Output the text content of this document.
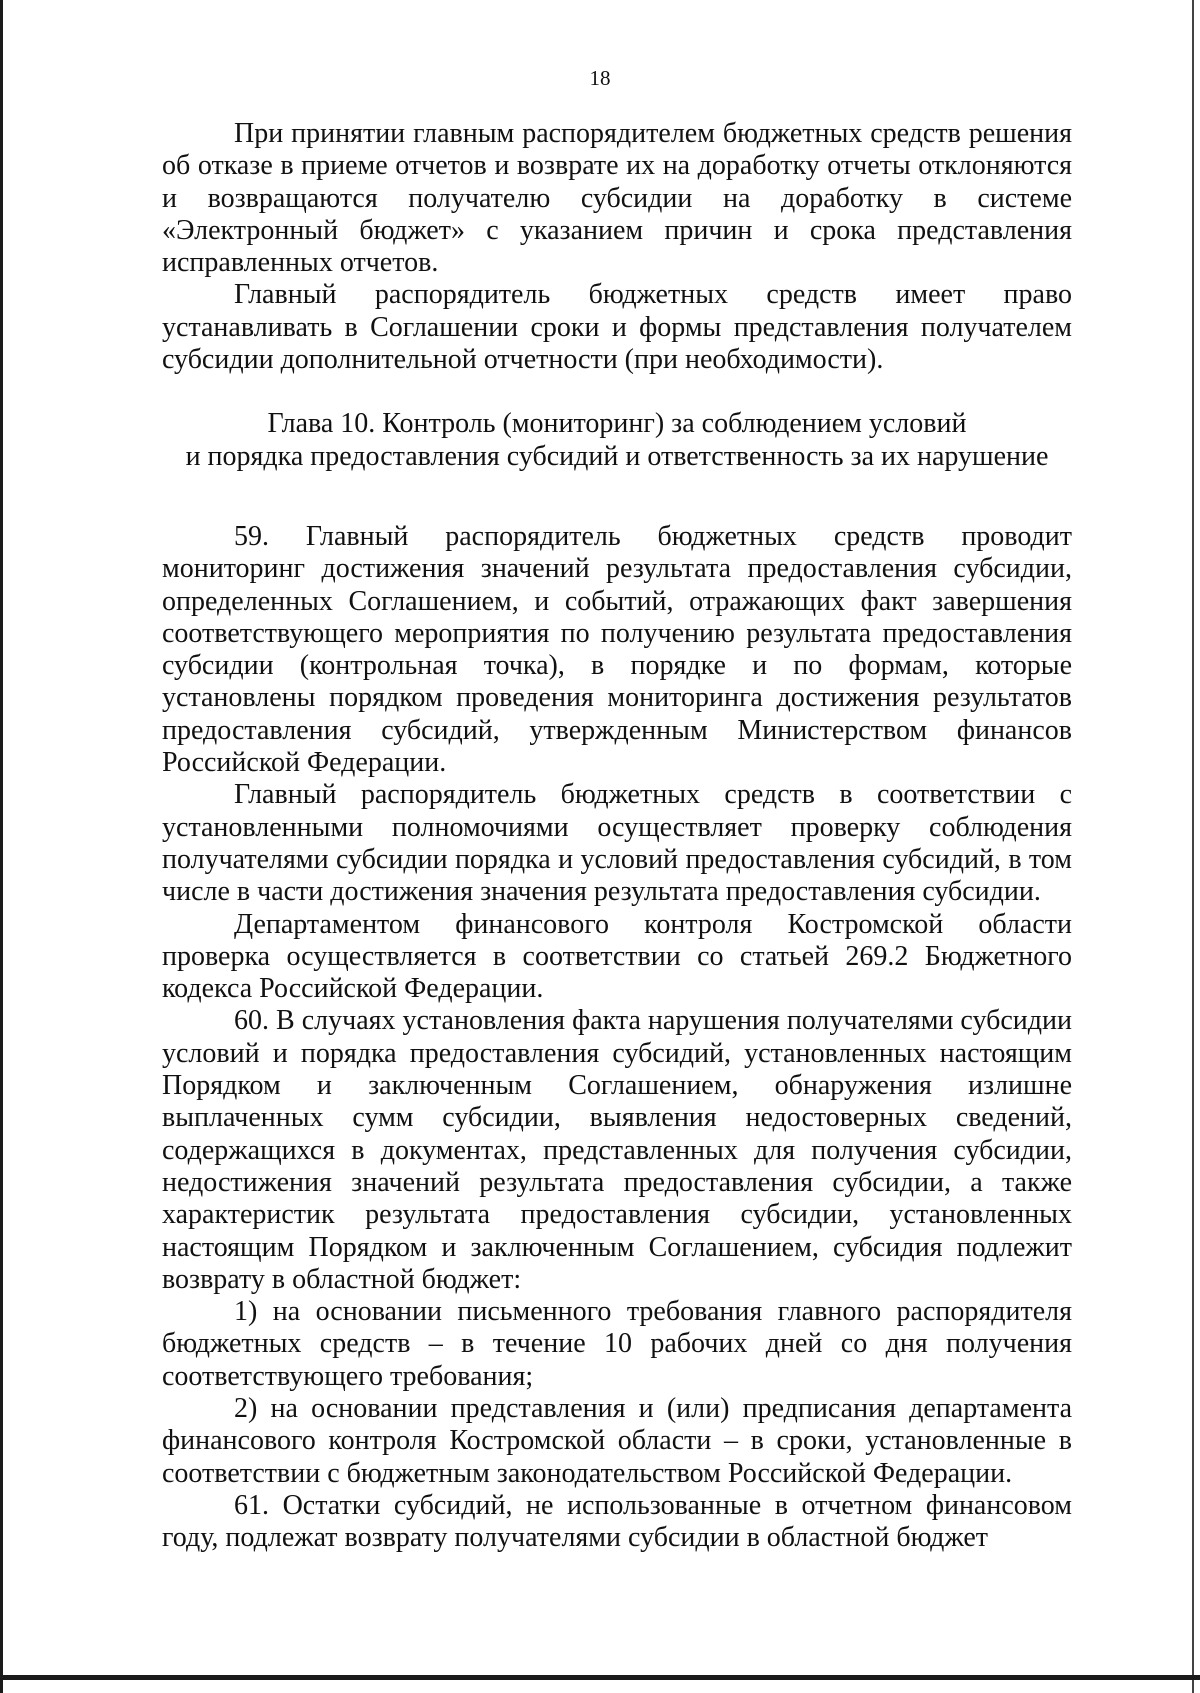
18

При принятии главным распорядителем бюджетных средств решения об отказе в приеме отчетов и возврате их на доработку отчеты отклоняются и возвращаются получателю субсидии на доработку в системе «Электронный бюджет» с указанием причин и срока представления исправленных отчетов.

Главный распорядитель бюджетных средств имеет право устанавливать в Соглашении сроки и формы представления получателем субсидии дополнительной отчетности (при необходимости).

Глава 10. Контроль (мониторинг) за соблюдением условий
и порядка предоставления субсидий и ответственность за их нарушение

59. Главный распорядитель бюджетных средств проводит мониторинг достижения значений результата предоставления субсидии, определенных Соглашением, и событий, отражающих факт завершения соответствующего мероприятия по получению результата предоставления субсидии (контрольная точка), в порядке и по формам, которые установлены порядком проведения мониторинга достижения результатов предоставления субсидий, утвержденным Министерством финансов Российской Федерации.

Главный распорядитель бюджетных средств в соответствии с установленными полномочиями осуществляет проверку соблюдения получателями субсидии порядка и условий предоставления субсидий, в том числе в части достижения значения результата предоставления субсидии.

Департаментом финансового контроля Костромской области проверка осуществляется в соответствии со статьей 269.2 Бюджетного кодекса Российской Федерации.

60. В случаях установления факта нарушения получателями субсидии условий и порядка предоставления субсидий, установленных настоящим Порядком и заключенным Соглашением, обнаружения излишне выплаченных сумм субсидии, выявления недостоверных сведений, содержащихся в документах, представленных для получения субсидии, недостижения значений результата предоставления субсидии, а также характеристик результата предоставления субсидии, установленных настоящим Порядком и заключенным Соглашением, субсидия подлежит возврату в областной бюджет:

1) на основании письменного требования главного распорядителя бюджетных средств – в течение 10 рабочих дней со дня получения соответствующего требования;

2) на основании представления и (или) предписания департамента финансового контроля Костромской области – в сроки, установленные в соответствии с бюджетным законодательством Российской Федерации.

61. Остатки субсидий, не использованные в отчетном финансовом году, подлежат возврату получателями субсидии в областной бюджет
